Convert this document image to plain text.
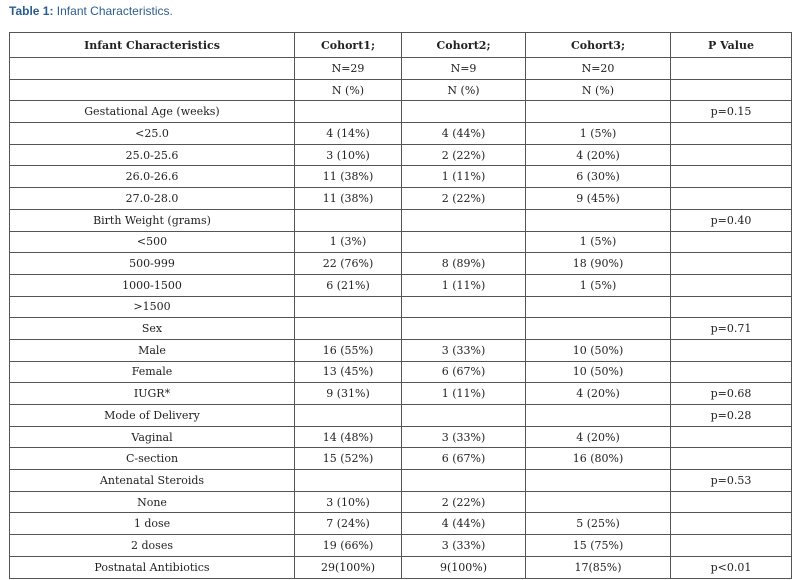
Table 1: Infant Characteristics.
Infant Characteristics	Cohort1;	Cohort2;	Cohort3;	P Value
	N=29	N=9	N=20	
	N (%)	N (%)	N (%)	
Gestational Age (weeks)				p=0.15
<25.0	4 (14%)	4 (44%)	1 (5%)	
25.0-25.6	3 (10%)	2 (22%)	4 (20%)	
26.0-26.6	11 (38%)	1 (11%)	6 (30%)	
27.0-28.0	11 (38%)	2 (22%)	9 (45%)	
Birth Weight (grams)				p=0.40
<500	1 (3%)		1 (5%)	
500-999	22 (76%)	8 (89%)	18 (90%)	
1000-1500	6 (21%)	1 (11%)	1 (5%)	
>1500				
Sex				p=0.71
Male	16 (55%)	3 (33%)	10 (50%)	
Female	13 (45%)	6 (67%)	10 (50%)	
IUGR*	9 (31%)	1 (11%)	4 (20%)	p=0.68
Mode of Delivery				p=0.28
Vaginal	14 (48%)	3 (33%)	4 (20%)	
C-section	15 (52%)	6 (67%)	16 (80%)	
Antenatal Steroids				p=0.53
None	3 (10%)	2 (22%)		
1 dose	7 (24%)	4 (44%)	5 (25%)	
2 doses	19 (66%)	3 (33%)	15 (75%)	
Postnatal Antibiotics	29(100%)	9(100%)	17(85%)	p<0.01
